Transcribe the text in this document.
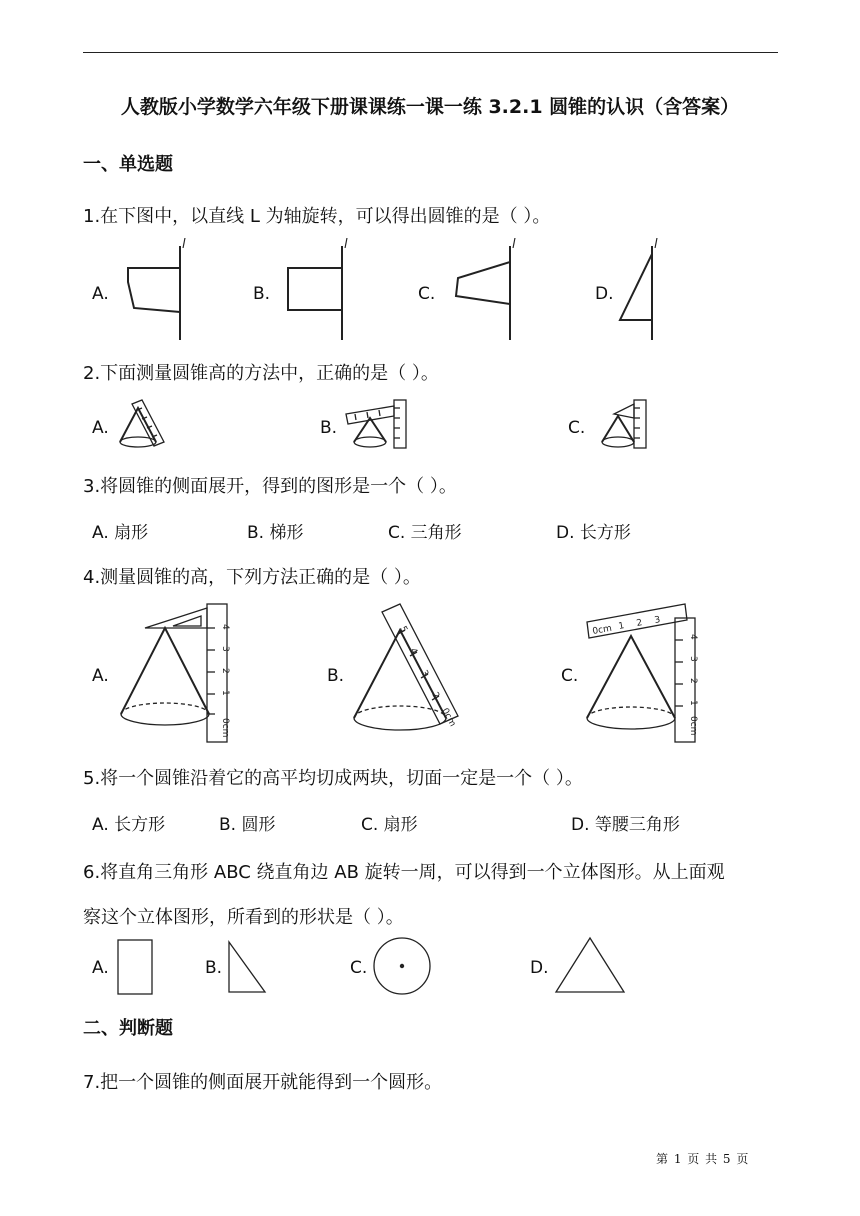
人教版小学数学六年级下册课课练一课一练 3.2.1 圆锥的认识（含答案）
一、单选题
1.在下图中，以直线 L 为轴旋转，可以得出圆锥的是（ ）。
A.	B.	C.	D.
l	l	l	l
2.下面测量圆锥高的方法中，正确的是（ ）。
A.	B.	C.
3.将圆锥的侧面展开，得到的图形是一个（ ）。
A. 扇形	B. 梯形	C. 三角形	D. 长方形
4.测量圆锥的高，下列方法正确的是（ ）。
A.	B.	C.
0cm
1
2
3
4	5
4
3
2
0cm
0cm 1 2 3
0cm
1
2
3
4
5.将一个圆锥沿着它的高平均切成两块，切面一定是一个（ ）。
A. 长方形	B. 圆形	C. 扇形	D. 等腰三角形
6.将直角三角形 ABC 绕直角边 AB 旋转一周，可以得到一个立体图形。从上面观
察这个立体图形，所看到的形状是（ ）。
A.	B.	C.	D.
二、判断题
7.把一个圆锥的侧面展开就能得到一个圆形。
第 1 页 共 5 页
